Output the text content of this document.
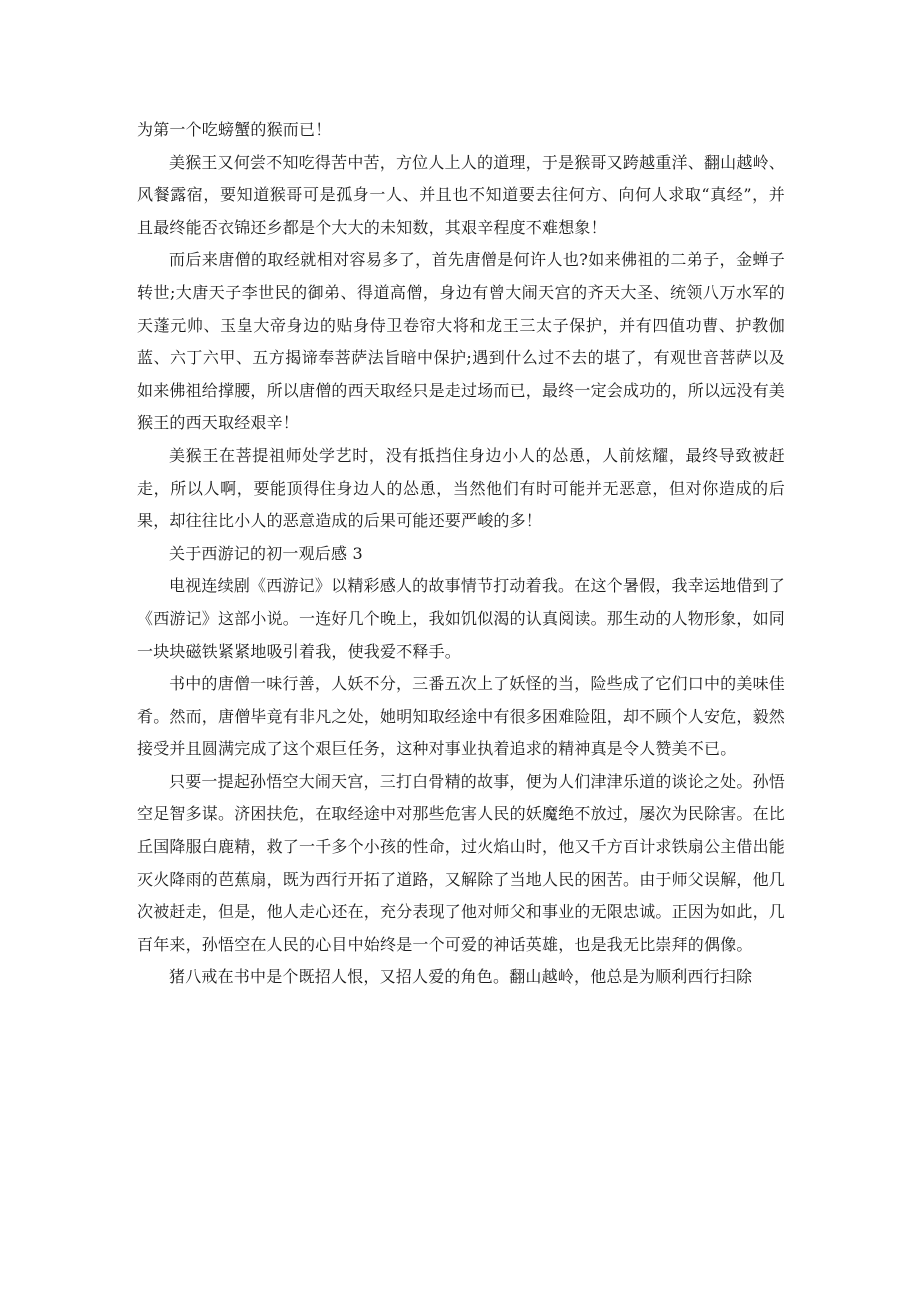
为第一个吃螃蟹的猴而已！

美猴王又何尝不知吃得苦中苦，方位人上人的道理，于是猴哥又跨越重洋、翻山越岭、风餐露宿，要知道猴哥可是孤身一人、并且也不知道要去往何方、向何人求取“真经”，并且最终能否衣锦还乡都是个大大的未知数，其艰辛程度不难想象！

而后来唐僧的取经就相对容易多了，首先唐僧是何许人也?如来佛祖的二弟子，金蝉子转世;大唐天子李世民的御弟、得道高僧，身边有曾大闹天宫的齐天大圣、统领八万水军的天蓬元帅、玉皇大帝身边的贴身侍卫卷帘大将和龙王三太子保护，并有四值功曹、护教伽蓝、六丁六甲、五方揭谛奉菩萨法旨暗中保护;遇到什么过不去的堪了，有观世音菩萨以及如来佛祖给撑腰，所以唐僧的西天取经只是走过场而已，最终一定会成功的，所以远没有美猴王的西天取经艰辛！

美猴王在菩提祖师处学艺时，没有抵挡住身边小人的怂恿，人前炫耀，最终导致被赶走，所以人啊，要能顶得住身边人的怂恿，当然他们有时可能并无恶意，但对你造成的后果，却往往比小人的恶意造成的后果可能还要严峻的多！

关于西游记的初一观后感 3

电视连续剧《西游记》以精彩感人的故事情节打动着我。在这个暑假，我幸运地借到了《西游记》这部小说。一连好几个晚上，我如饥似渴的认真阅读。那生动的人物形象，如同一块块磁铁紧紧地吸引着我，使我爱不释手。

书中的唐僧一味行善，人妖不分，三番五次上了妖怪的当，险些成了它们口中的美味佳肴。然而，唐僧毕竟有非凡之处，她明知取经途中有很多困难险阻，却不顾个人安危，毅然接受并且圆满完成了这个艰巨任务，这种对事业执着追求的精神真是令人赞美不已。

只要一提起孙悟空大闹天宫，三打白骨精的故事，便为人们津津乐道的谈论之处。孙悟空足智多谋。济困扶危，在取经途中对那些危害人民的妖魔绝不放过，屡次为民除害。在比丘国降服白鹿精，救了一千多个小孩的性命，过火焰山时，他又千方百计求铁扇公主借出能灭火降雨的芭蕉扇，既为西行开拓了道路，又解除了当地人民的困苦。由于师父误解，他几次被赶走，但是，他人走心还在，充分表现了他对师父和事业的无限忠诚。正因为如此，几百年来，孙悟空在人民的心目中始终是一个可爱的神话英雄，也是我无比崇拜的偶像。

猪八戒在书中是个既招人恨，又招人爱的角色。翻山越岭，他总是为顺利西行扫除
